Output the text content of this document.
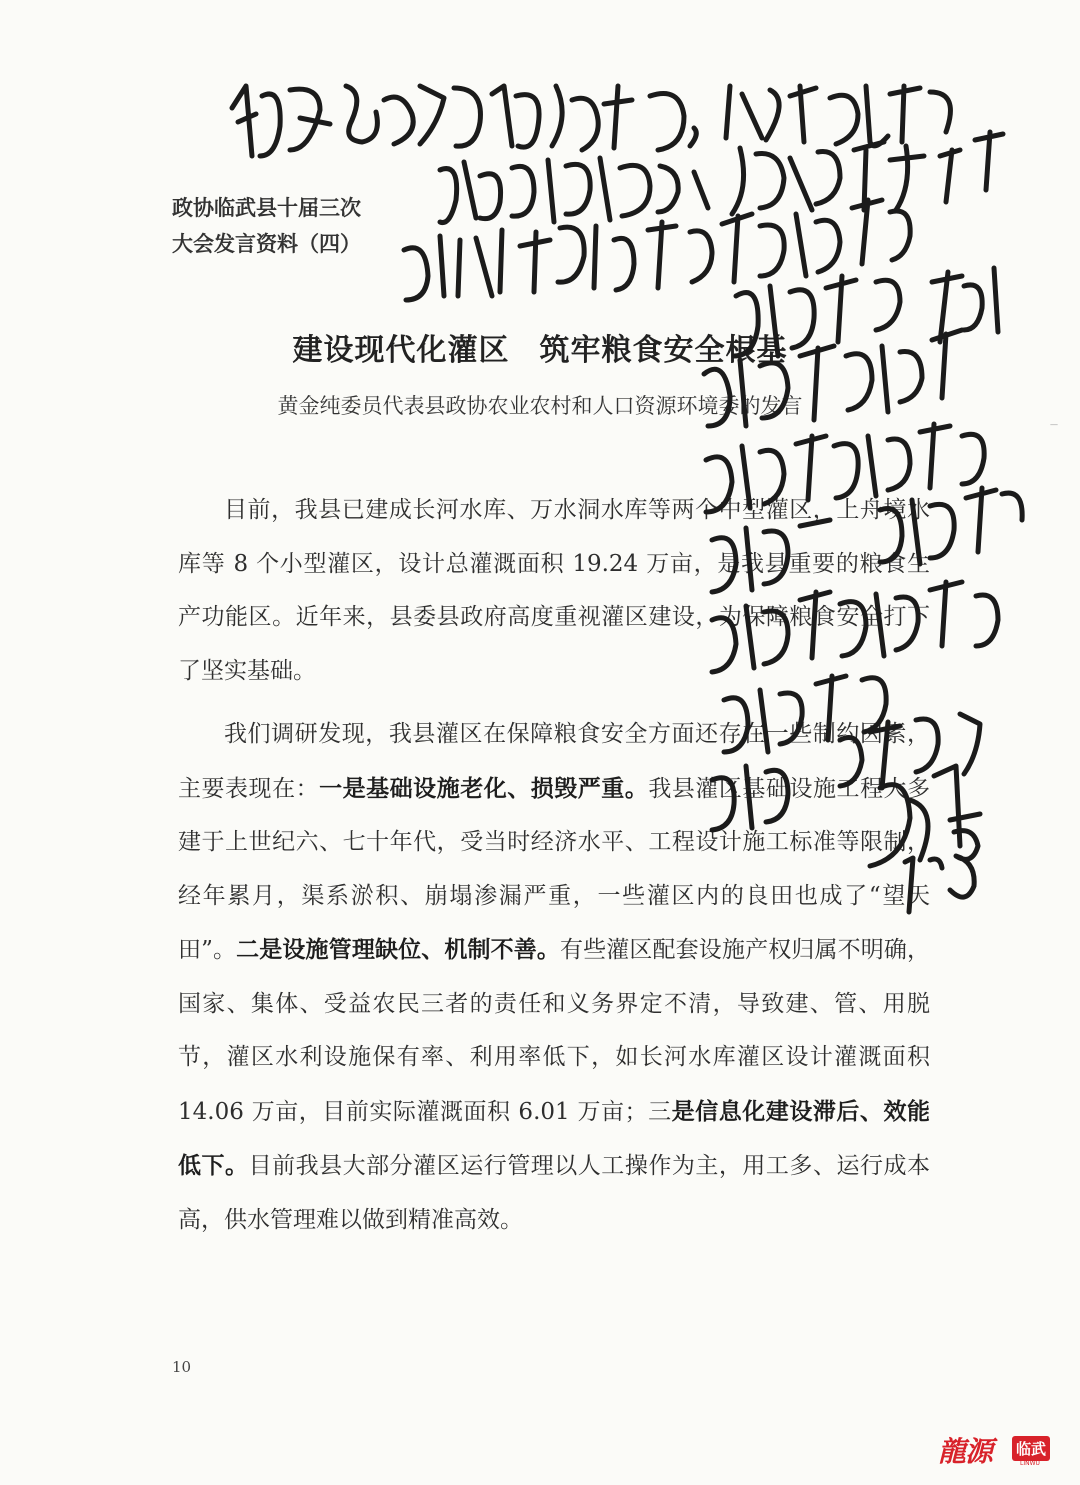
政协临武县十届三次
大会发言资料（四）
建设现代化灌区 筑牢粮食安全根基
黄金纯委员代表县政协农业农村和人口资源环境委的发言

目前，我县已建成长河水库、万水洞水库等两个中型灌区，上舟境水库等 8 个小型灌区，设计总灌溉面积 19.24 万亩，是我县重要的粮食生产功能区。近年来，县委县政府高度重视灌区建设，为保障粮食安全打下了坚实基础。

我们调研发现，我县灌区在保障粮食安全方面还存在一些制约因素，主要表现在：一是基础设施老化、损毁严重。我县灌区基础设施工程大多建于上世纪六、七十年代，受当时经济水平、工程设计施工标准等限制，经年累月，渠系淤积、崩塌渗漏严重，一些灌区内的良田也成了“望天田”。二是设施管理缺位、机制不善。有些灌区配套设施产权归属不明确，国家、集体、受益农民三者的责任和义务界定不清，导致建、管、用脱节，灌区水利设施保有率、利用率低下，如长河水库灌区设计灌溉面积 14.06 万亩，目前实际灌溉面积 6.01 万亩；三是信息化建设滞后、效能低下。目前我县大部分灌区运行管理以人工操作为主，用工多、运行成本高，供水管理难以做到精准高效。

10
—
龍源 临武
LINWU
